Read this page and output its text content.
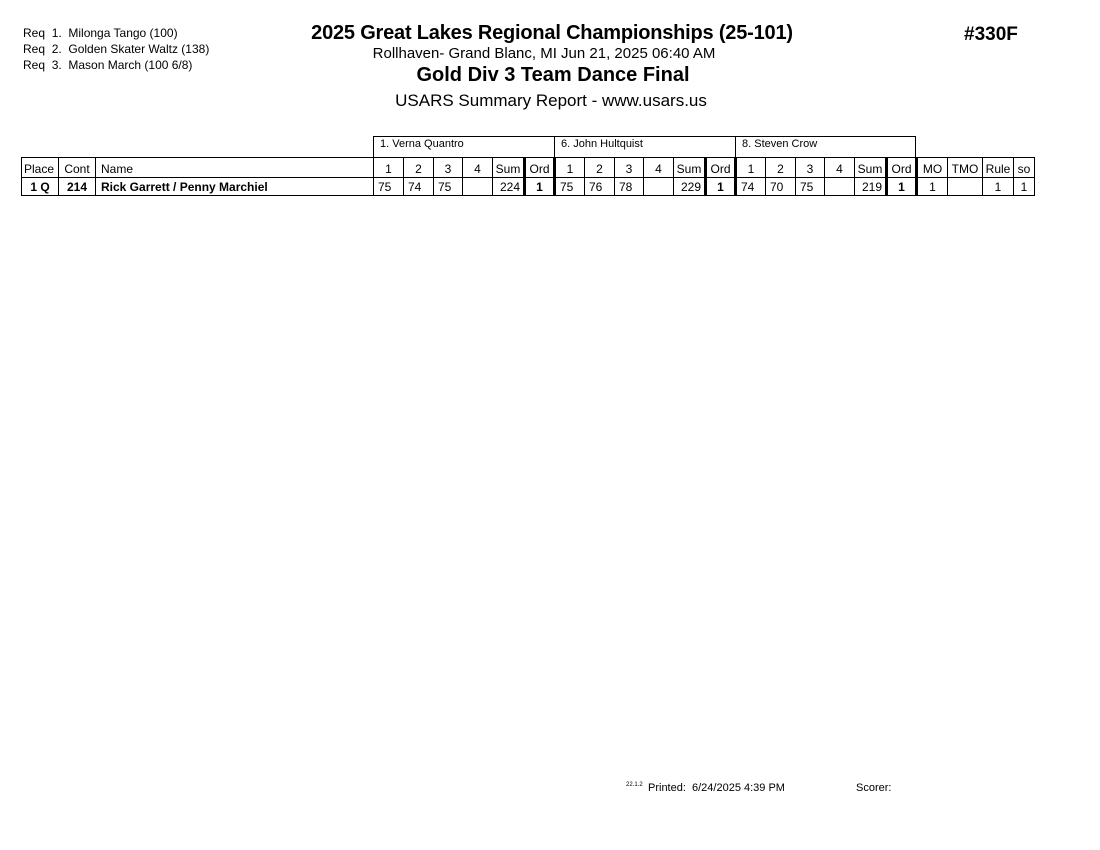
Req 1. Milonga Tango (100)
Req 2. Golden Skater Waltz (138)
Req 3. Mason March (100 6/8)
2025 Great Lakes Regional Championships (25-101)
Rollhaven- Grand Blanc, MI Jun 21, 2025 06:40 AM
Gold Div 3 Team Dance Final
USARS Summary Report - www.usars.us
#330F
1. Verna Quantro	6. John Hultquist	8. Steven Crow
Place	Cont	Name	1	2	3	4	Sum	Ord	1	2	3	4	Sum	Ord	1	2	3	4	Sum	Ord	MO	TMO	Rule	so
1 Q	214	Rick Garrett / Penny Marchiel	75	74	75		224	1	75	76	78		229	1	74	70	75		219	1	1		1	1
22.1.2 Printed: 6/24/2025 4:39 PM	Scorer:
